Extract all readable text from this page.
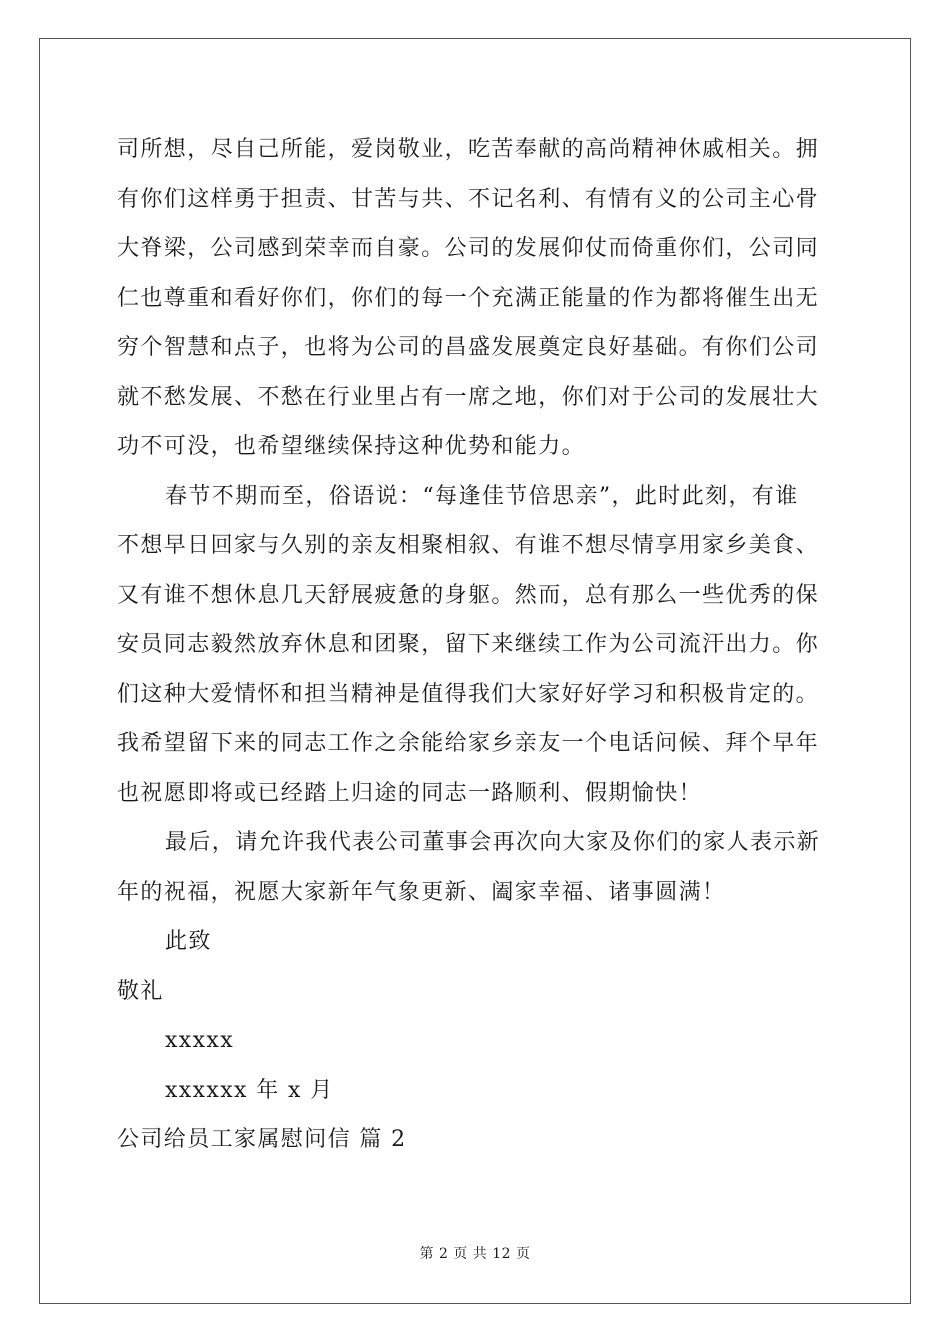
司所想，尽自己所能，爱岗敬业，吃苦奉献的高尚精神休戚相关。拥
有你们这样勇于担责、甘苦与共、不记名利、有情有义的公司主心骨
大脊梁，公司感到荣幸而自豪。公司的发展仰仗而倚重你们，公司同
仁也尊重和看好你们，你们的每一个充满正能量的作为都将催生出无
穷个智慧和点子，也将为公司的昌盛发展奠定良好基础。有你们公司
就不愁发展、不愁在行业里占有一席之地，你们对于公司的发展壮大
功不可没，也希望继续保持这种优势和能力。
春节不期而至，俗语说：“每逢佳节倍思亲”，此时此刻，有谁
不想早日回家与久别的亲友相聚相叙、有谁不想尽情享用家乡美食、
又有谁不想休息几天舒展疲惫的身躯。然而，总有那么一些优秀的保
安员同志毅然放弃休息和团聚，留下来继续工作为公司流汗出力。你
们这种大爱情怀和担当精神是值得我们大家好好学习和积极肯定的。
我希望留下来的同志工作之余能给家乡亲友一个电话问候、拜个早年
也祝愿即将或已经踏上归途的同志一路顺利、假期愉快！
最后，请允许我代表公司董事会再次向大家及你们的家人表示新
年的祝福，祝愿大家新年气象更新、阖家幸福、诸事圆满！
此致
敬礼
xxxxx
xxxxxx 年 x 月
公司给员工家属慰问信 篇 2
第 2 页 共 12 页
